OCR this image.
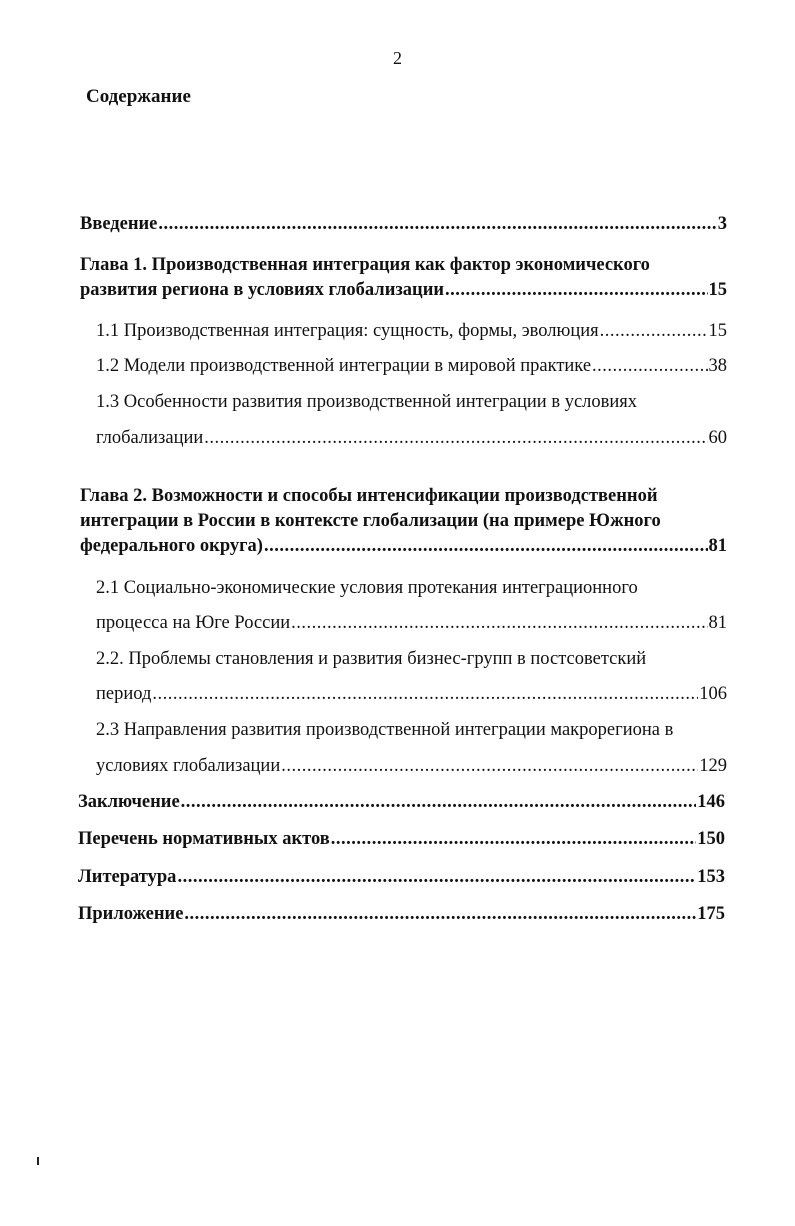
2
Содержание
Введение .....	3
Глава 1. Производственная интеграция как фактор экономического
развития региона в условиях глобализации .....	15
1.1 Производственная интеграция: сущность, формы, эволюция .....	15
1.2 Модели производственной интеграции в мировой практике .....	38
1.3 Особенности развития производственной интеграции в условиях
глобализации .....	60
Глава 2. Возможности и способы интенсификации производственной
интеграции в России в контексте глобализации (на примере Южного
федерального округа) .....	81
2.1 Социально-экономические условия протекания интеграционного
процесса на Юге России .....	81
2.2. Проблемы становления и развития бизнес-групп в постсоветский
период .....	106
2.3 Направления развития производственной интеграции макрорегиона в
условиях глобализации .....	129
Заключение .....	146
Перечень нормативных актов .....	150
Литература .....	153
Приложение .....	175
